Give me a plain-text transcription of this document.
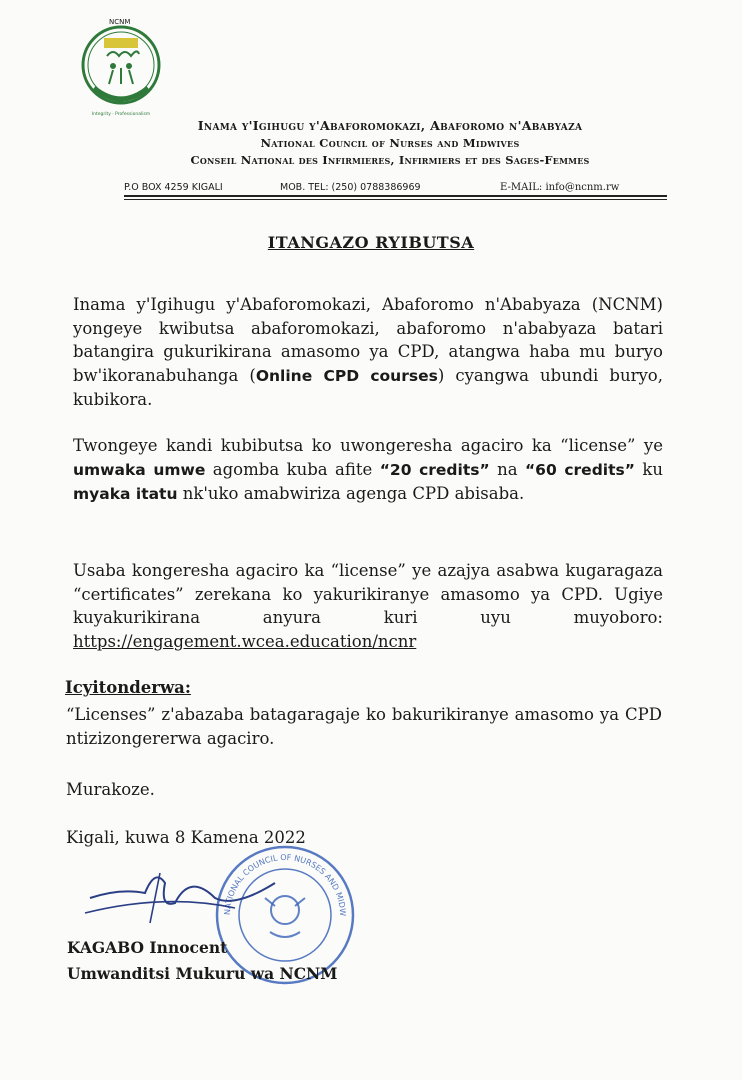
NCNM
Integrity · Professionalism
Inama y'Igihugu y'Abaforomokazi, Abaforomo n'Ababyaza
National Council of Nurses and Midwives
Conseil National des Infirmieres, Infirmiers et des Sages-Femmes
P.O BOX 4259 KIGALI	MOB. TEL: (250) 0788386969	E-MAIL: info@ncnm.rw
ITANGAZO RYIBUTSA
Inama y'Igihugu y'Abaforomokazi, Abaforomo n'Ababyaza (NCNM) yongeye kwibutsa abaforomokazi, abaforomo n'ababyaza batari batangira gukurikirana amasomo ya CPD, atangwa haba mu buryo bw'ikoranabuhanga (Online CPD courses) cyangwa ubundi buryo, kubikora.
Twongeye kandi kubibutsa ko uwongeresha agaciro ka “license” ye umwaka umwe agomba kuba afite “20 credits” na “60 credits” ku myaka itatu nk'uko amabwiriza agenga CPD abisaba.
Usaba kongeresha agaciro ka “license” ye azajya asabwa kugaragaza “certificates” zerekana ko yakurikiranye amasomo ya CPD. Ugiye kuyakurikirana anyura kuri uyu muyoboro: https://engagement.wcea.education/ncnr
Icyitonderwa:
“Licenses” z'abazaba batagaragaje ko bakurikiranye amasomo ya CPD ntizizongererwa agaciro.
Murakoze.
Kigali, kuwa 8 Kamena 2022
NATIONAL COUNCIL OF NURSES AND MIDW
KAGABO Innocent
Umwanditsi Mukuru wa NCNM
